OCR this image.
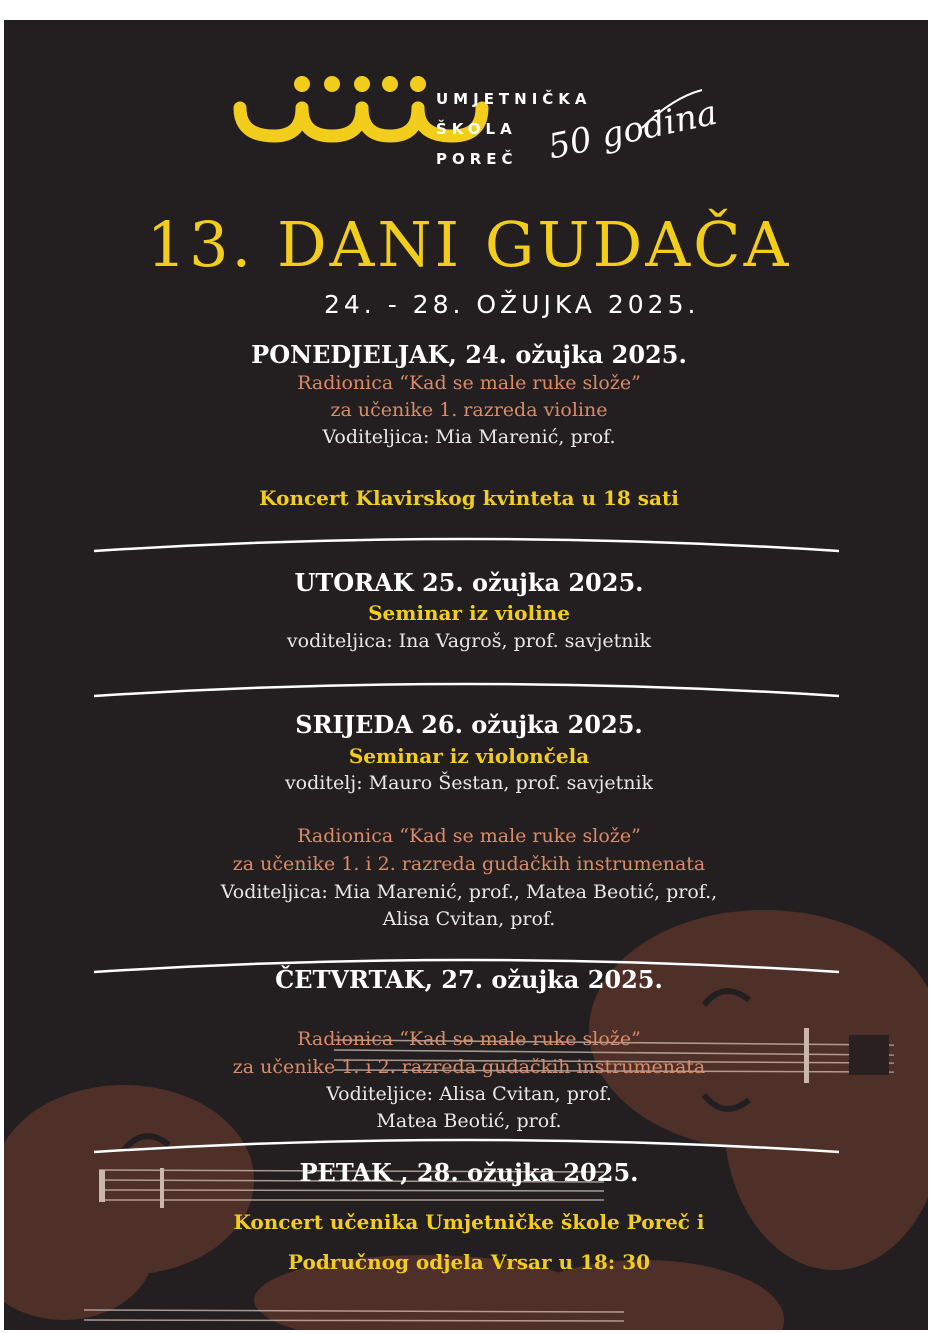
UMJETNIČKA
ŠKOLA
POREČ 50 godina
13. DANI GUDAČA
24. - 28. OŽUJKA 2025.
PONEDJELJAK, 24. ožujka 2025.
Radionica “Kad se male ruke slože”
za učenike 1. razreda violine
Voditeljica: Mia Marenić, prof.
Koncert Klavirskog kvinteta u 18 sati
UTORAK 25. ožujka 2025.
Seminar iz violine
voditeljica: Ina Vagroš, prof. savjetnik
SRIJEDA 26. ožujka 2025.
Seminar iz violončela
voditelj: Mauro Šestan, prof. savjetnik
Radionica “Kad se male ruke slože”
za učenike 1. i 2. razreda gudačkih instrumenata
Voditeljica: Mia Marenić, prof., Matea Beotić, prof.,
Alisa Cvitan, prof.
ČETVRTAK, 27. ožujka 2025.
Radionica “Kad se male ruke slože”
za učenike 1. i 2. razreda gudačkih instrumenata
Voditeljice: Alisa Cvitan, prof.
Matea Beotić, prof.
PETAK , 28. ožujka 2025.
Koncert učenika Umjetničke škole Poreč i
Područnog odjela Vrsar u 18: 30
